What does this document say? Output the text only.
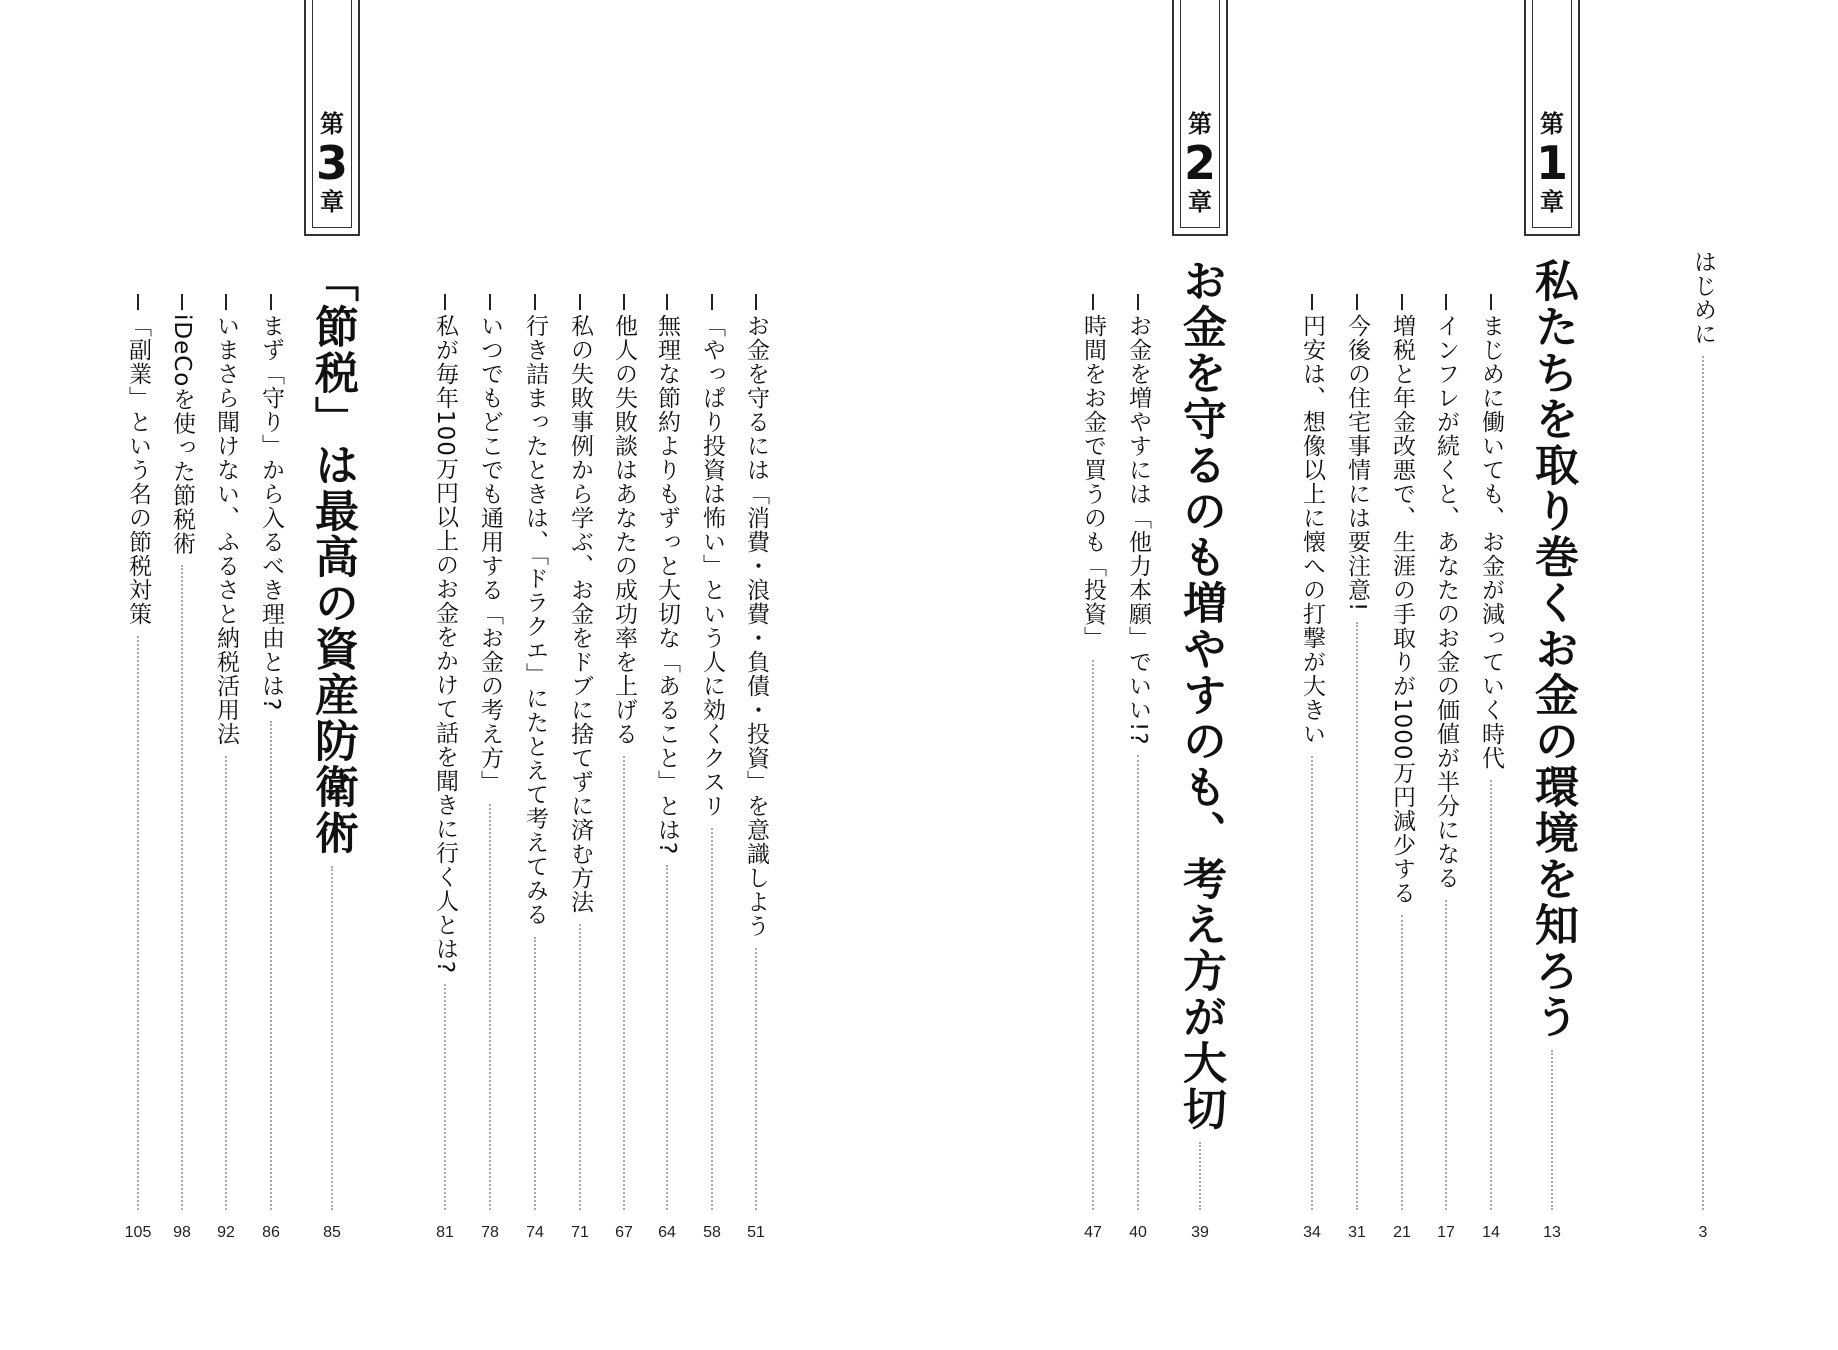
はじめに
3
第
1
章
私たちを取り巻くお金の環境を知ろう
13
まじめに働いても、お金が減っていく時代
14
インフレが続くと、あなたのお金の価値が半分になる
17
増税と年金改悪で、生涯の手取りが1000万円減少する
21
今後の住宅事情には要注意!
31
円安は、想像以上に懐への打撃が大きい
34
第
2
章
お金を守るのも増やすのも、考え方が大切
39
お金を増やすには「他力本願」でいい!?
40
時間をお金で買うのも「投資」
47
お金を守るには「消費・浪費・負債・投資」を意識しよう
51
「やっぱり投資は怖い」という人に効くクスリ
58
無理な節約よりもずっと大切な「あること」とは?
64
他人の失敗談はあなたの成功率を上げる
67
私の失敗事例から学ぶ、お金をドブに捨てずに済む方法
71
行き詰まったときは、「ドラクエ」にたとえて考えてみる
74
いつでもどこでも通用する「お金の考え方」
78
私が毎年100万円以上のお金をかけて話を聞きに行く人とは?
81
第
3
章
「節税」は最高の資産防衛術
85
まず「守り」から入るべき理由とは?
86
いまさら聞けない、ふるさと納税活用法
92
iDeCoを使った節税術
98
「副業」という名の節税対策
105
